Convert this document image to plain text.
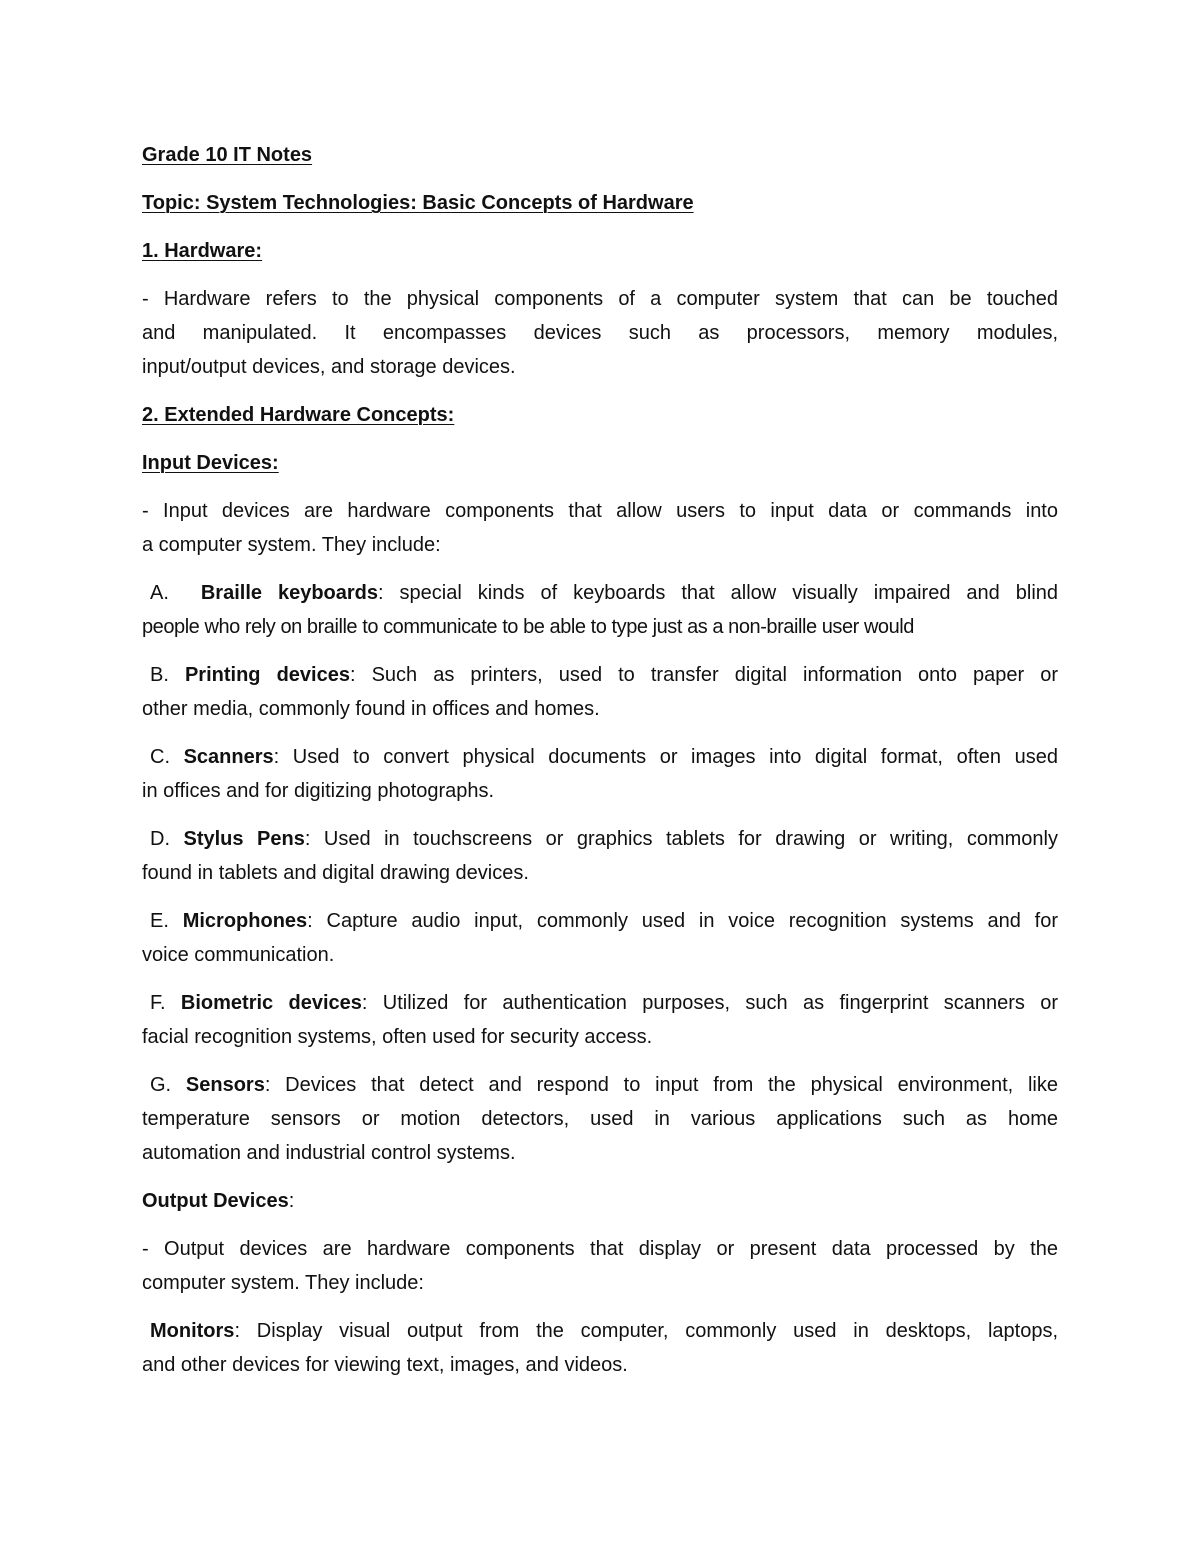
Grade 10 IT Notes
Topic: System Technologies: Basic Concepts of Hardware
1. Hardware:
- Hardware refers to the physical components of a computer system that can be touched
and manipulated. It encompasses devices such as processors, memory modules,
input/output devices, and storage devices.
2. Extended Hardware Concepts:
Input Devices:
- Input devices are hardware components that allow users to input data or commands into
a computer system. They include:
A. Braille keyboards: special kinds of keyboards that allow visually impaired and blind
people who rely on braille to communicate to be able to type just as a non-braille user would
B. Printing devices: Such as printers, used to transfer digital information onto paper or
other media, commonly found in offices and homes.
C. Scanners: Used to convert physical documents or images into digital format, often used
in offices and for digitizing photographs.
D. Stylus Pens: Used in touchscreens or graphics tablets for drawing or writing, commonly
found in tablets and digital drawing devices.
E. Microphones: Capture audio input, commonly used in voice recognition systems and for
voice communication.
F. Biometric devices: Utilized for authentication purposes, such as fingerprint scanners or
facial recognition systems, often used for security access.
G. Sensors: Devices that detect and respond to input from the physical environment, like
temperature sensors or motion detectors, used in various applications such as home
automation and industrial control systems.
Output Devices:
- Output devices are hardware components that display or present data processed by the
computer system. They include:
Monitors: Display visual output from the computer, commonly used in desktops, laptops,
and other devices for viewing text, images, and videos.
